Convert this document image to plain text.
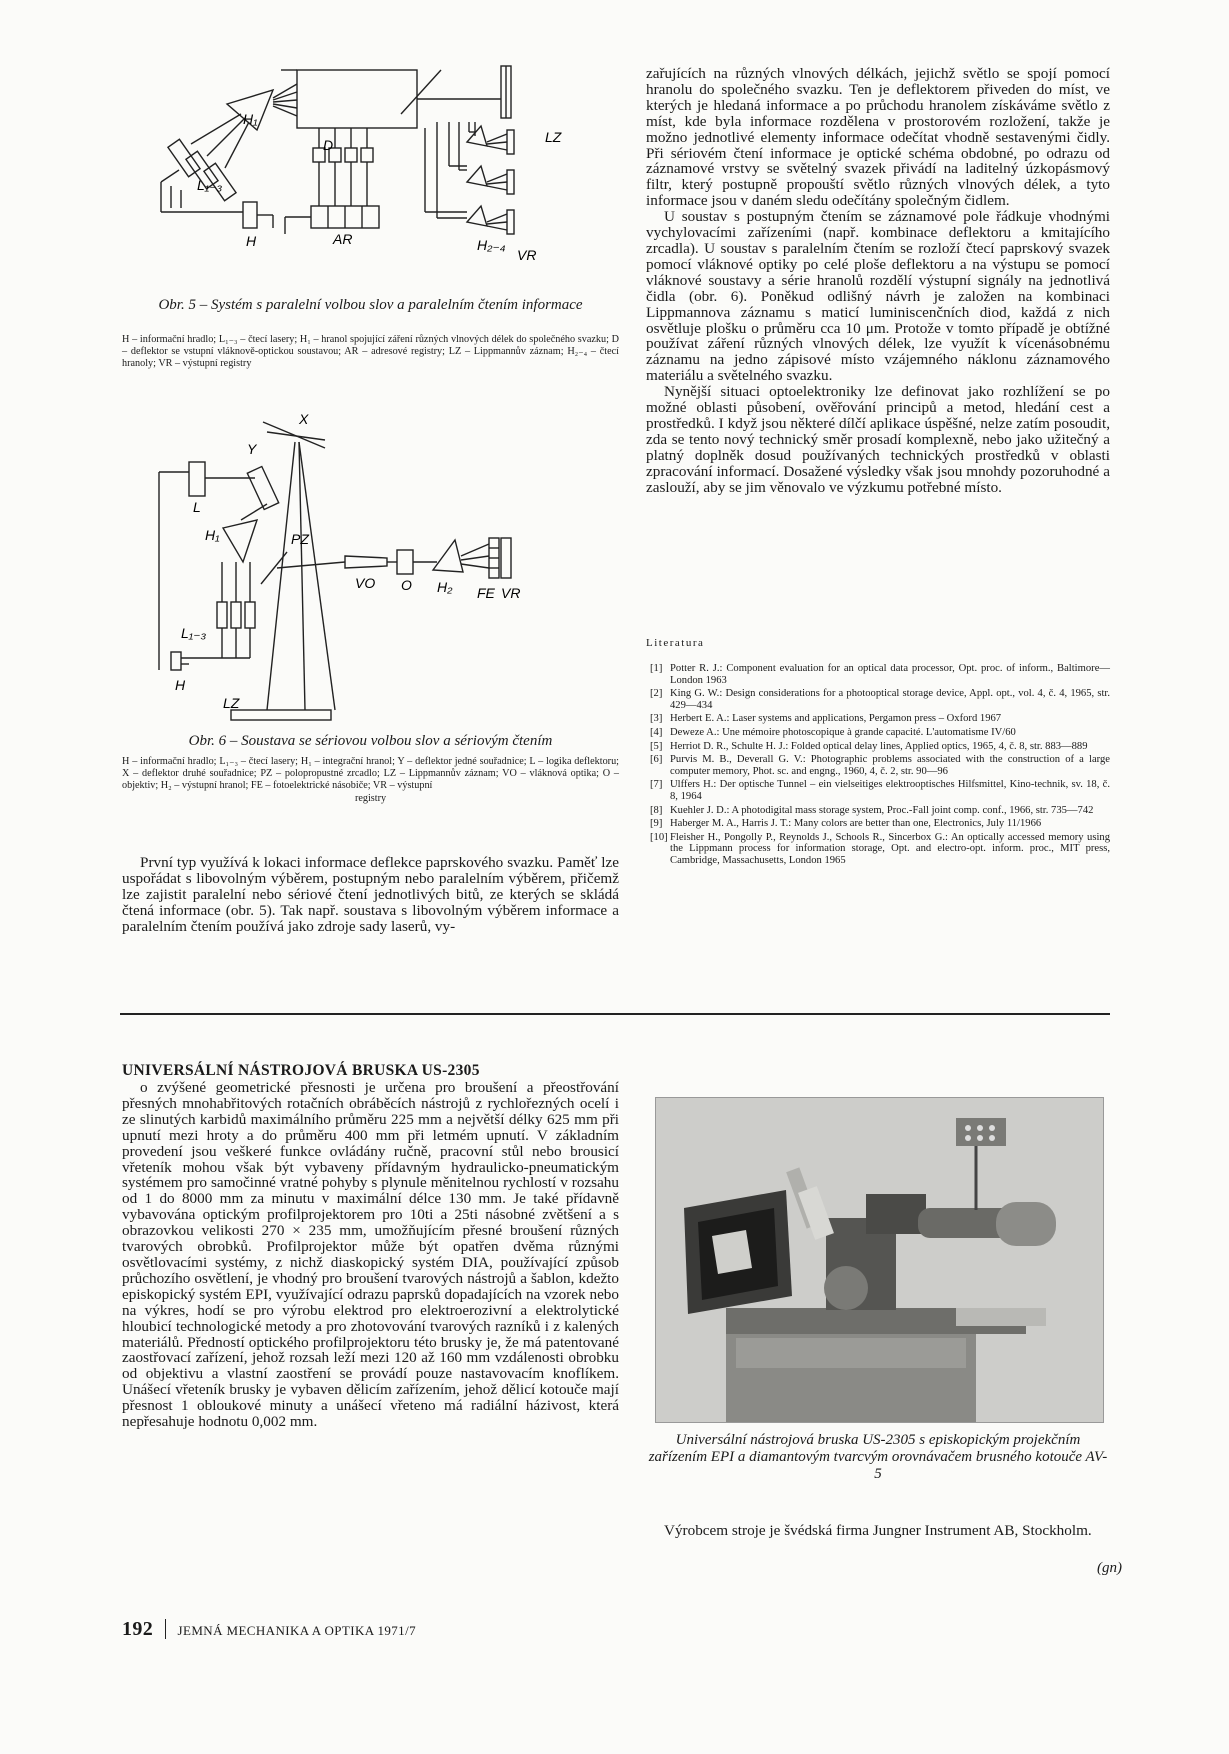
H₁
D	LZ
L₁₋₃
H	AR	H₂₋₄
VR
Obr. 5 – Systém s paralelní volbou slov a paralelním čtením informace
H – informační hradlo; L₁₋₃ – čtecí lasery; H₁ – hranol spojující záření různých vlnových délek do společného svazku; D – deflektor se vstupní vláknově-optickou soustavou; AR – adresové registry; LZ – Lippmannův záznam; H₂₋₄ – čtecí hranoly; VR – výstupní registry
X
Y
L
H₁	PZ
VO O H₂ FE VR
L₁₋₃
H
LZ
Obr. 6 – Soustava se sériovou volbou slov a sériovým čtením
H – informační hradlo; L₁₋₃ – čtecí lasery; H₁ – integrační hranol; Y – deflektor jedné souřadnice; L – logika deflektoru; X – deflektor druhé souřadnice; PZ – polopropustné zrcadlo; LZ – Lippmannův záznam; VO – vláknová optika; O – objektiv; H₂ – výstupní hranol; FE – fotoelektrické násobiče; VR – výstupní
registry

První typ využívá k lokaci informace deflekce paprskového svazku. Paměť lze uspořádat s libovolným výběrem, postupným nebo paralelním výběrem, přičemž lze zajistit paralelní nebo sériové čtení jednotlivých bitů, ze kterých se skládá čtená informace (obr. 5). Tak např. soustava s libovolným výběrem informace a paralelním čtením používá jako zdroje sady laserů, vy-

zařujících na různých vlnových délkách, jejichž světlo se spojí pomocí hranolu do společného svazku. Ten je deflektorem přiveden do míst, ve kterých je hledaná informace a po průchodu hranolem získáváme světlo z míst, kde byla informace rozdělena v prostorovém rozložení, takže je možno jednotlivé elementy informace odečítat vhodně sestavenými čidly. Při sériovém čtení informace je optické schéma obdobné, po odrazu od záznamové vrstvy se světelný svazek přivádí na laditelný úzkopásmový filtr, který postupně propouští světlo různých vlnových délek, a tyto informace jsou v daném sledu odečítány společným čidlem.

U soustav s postupným čtením se záznamové pole řádkuje vhodnými vychylovacími zařízeními (např. kombinace deflektoru a kmitajícího zrcadla). U soustav s paralelním čtením se rozloží čtecí paprskový svazek pomocí vláknové optiky po celé ploše deflektoru a na výstupu se pomocí vláknové soustavy a série hranolů rozdělí výstupní signály na jednotlivá čidla (obr. 6). Poněkud odlišný návrh je založen na kombinaci Lippmannova záznamu s maticí luminiscenčních diod, každá z nich osvětluje plošku o průměru cca 10 μm. Protože v tomto případě je obtížné používat záření různých vlnových délek, lze využít k vícenásobnému záznamu na jedno zápisové místo vzájemného náklonu záznamového materiálu a světelného svazku.

Nynější situaci optoelektroniky lze definovat jako rozhlížení se po možné oblasti působení, ověřování principů a metod, hledání cest a prostředků. I když jsou některé dílčí aplikace úspěšné, nelze zatím posoudit, zda se tento nový technický směr prosadí komplexně, nebo jako užitečný a platný doplněk dosud používaných technických prostředků v oblasti zpracování informací. Dosažené výsledky však jsou mnohdy pozoruhodné a zaslouží, aby se jim věnovalo ve výzkumu potřebné místo.

Literatura
[1] Potter R. J.: Component evaluation for an optical data processor, Opt. proc. of inform., Baltimore—London 1963
[2] King G. W.: Design considerations for a photooptical storage device, Appl. opt., vol. 4, č. 4, 1965, str. 429—434
[3] Herbert E. A.: Laser systems and applications, Pergamon press – Oxford 1967
[4] Deweze A.: Une mémoire photoscopique à grande capacité. L'automatisme IV/60
[5] Herriot D. R., Schulte H. J.: Folded optical delay lines, Applied optics, 1965, 4, č. 8, str. 883—889
[6] Purvis M. B., Deverall G. V.: Photographic problems associated with the construction of a large computer memory, Phot. sc. and engng., 1960, 4, č. 2, str. 90—96
[7] Ulffers H.: Der optische Tunnel – ein vielseitiges elektrooptisches Hilfsmittel, Kino-technik, sv. 18, č. 8, 1964
[8] Kuehler J. D.: A photodigital mass storage system, Proc.-Fall joint comp. conf., 1966, str. 735—742
[9] Haberger M. A., Harris J. T.: Many colors are better than one, Electronics, July 11/1966
[10] Fleisher H., Pongolly P., Reynolds J., Schools R., Sincerbox G.: An optically accessed memory using the Lippmann process for information storage, Opt. and electro-opt. inform. proc., MIT press, Cambridge, Massachusetts, London 1965
UNIVERSÁLNÍ NÁSTROJOVÁ BRUSKA US-2305

o zvýšené geometrické přesnosti je určena pro broušení a přeostřování přesných mnohabřitových rotačních obráběcích nástrojů z rychlořezných ocelí i ze slinutých karbidů maximálního průměru 225 mm a největší délky 625 mm při upnutí mezi hroty a do průměru 400 mm při letmém upnutí. V základním provedení jsou veškeré funkce ovládány ručně, pracovní stůl nebo brousicí vřeteník mohou však být vybaveny přídavným hydraulicko-pneumatickým systémem pro samočinné vratné pohyby s plynule měnitelnou rychlostí v rozsahu od 1 do 8000 mm za minutu v maximální délce 130 mm. Je také přídavně vybavována optickým profilprojektorem pro 10ti a 25ti násobné zvětšení a s obrazovkou velikosti 270 × 235 mm, umožňujícím přesné broušení různých tvarových obrobků. Profilprojektor může být opatřen dvěma různými osvětlovacími systémy, z nichž diaskopický systém DIA, používající způsob průchozího osvětlení, je vhodný pro broušení tvarových nástrojů a šablon, kdežto episkopický systém EPI, využívající odrazu paprsků dopadajících na vzorek nebo na výkres, hodí se pro výrobu elektrod pro elektroerozivní a elektrolytické hloubicí technologické metody a pro zhotovování tvarových razníků i z kalených materiálů. Předností optického profilprojektoru této brusky je, že má patentované zaostřovací zařízení, jehož rozsah leží mezi 120 až 160 mm vzdálenosti obrobku od objektivu a vlastní zaostření se provádí pouze nastavovacím knoflíkem. Unášecí vřeteník brusky je vybaven dělicím zařízením, jehož dělicí kotouče mají přesnost 1 obloukové minuty a unášecí vřeteno má radiální házivost, která nepřesahuje hodnotu 0,002 mm.

Universální nástrojová bruska US-2305 s episkopickým projekčním zařízením EPI a diamantovým tvarcvým orovnávačem brusného kotouče AV-5
Výrobcem stroje je švédská firma Jungner Instrument AB, Stockholm.
(gn)
192 JEMNÁ MECHANIKA A OPTIKA 1971/7
